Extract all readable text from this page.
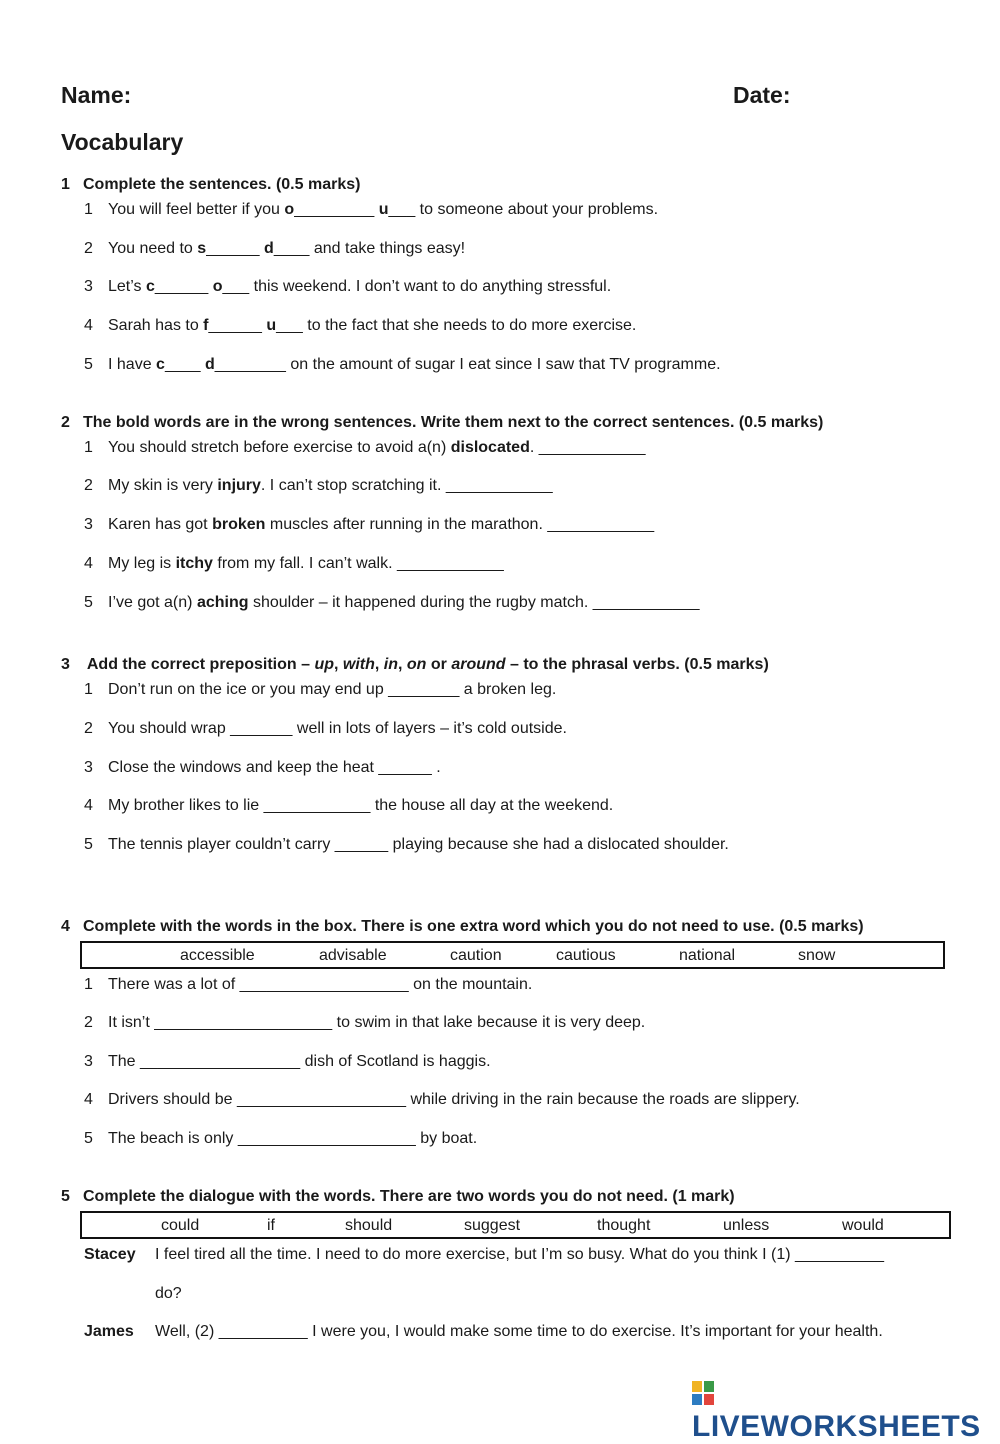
Name:	Date:
Vocabulary
1 Complete the sentences. (0.5 marks)
1 You will feel better if you o_________ u___ to someone about your problems.
2 You need to s______ d____ and take things easy!
3 Let’s c______ o___ this weekend. I don’t want to do anything stressful.
4 Sarah has to f______ u___ to the fact that she needs to do more exercise.
5 I have c____ d________ on the amount of sugar I eat since I saw that TV programme.
2 The bold words are in the wrong sentences. Write them next to the correct sentences. (0.5 marks)
1 You should stretch before exercise to avoid a(n) dislocated. ____________
2 My skin is very injury. I can’t stop scratching it. ____________
3 Karen has got broken muscles after running in the marathon. ____________
4 My leg is itchy from my fall. I can’t walk. ____________
5 I’ve got a(n) aching shoulder – it happened during the rugby match. ____________
3 Add the correct preposition – up, with, in, on or around – to the phrasal verbs. (0.5 marks)
1 Don’t run on the ice or you may end up ________ a broken leg.
2 You should wrap _______ well in lots of layers – it’s cold outside.
3 Close the windows and keep the heat ______ .
4 My brother likes to lie ____________ the house all day at the weekend.
5 The tennis player couldn’t carry ______ playing because she had a dislocated shoulder.
4 Complete with the words in the box. There is one extra word which you do not need to use. (0.5 marks)
accessible	advisable	caution	cautious	national	snow
1 There was a lot of ___________________ on the mountain.
2 It isn’t ____________________ to swim in that lake because it is very deep.
3 The __________________ dish of Scotland is haggis.
4 Drivers should be ___________________ while driving in the rain because the roads are slippery.
5 The beach is only ____________________ by boat.
5 Complete the dialogue with the words. There are two words you do not need. (1 mark)
could	if	should	suggest	thought	unless	would
Stacey I feel tired all the time. I need to do more exercise, but I’m so busy. What do you think I (1) __________
do?
James Well, (2) __________ I were you, I would make some time to do exercise. It’s important for your health.
LIVEWORKSHEETS
